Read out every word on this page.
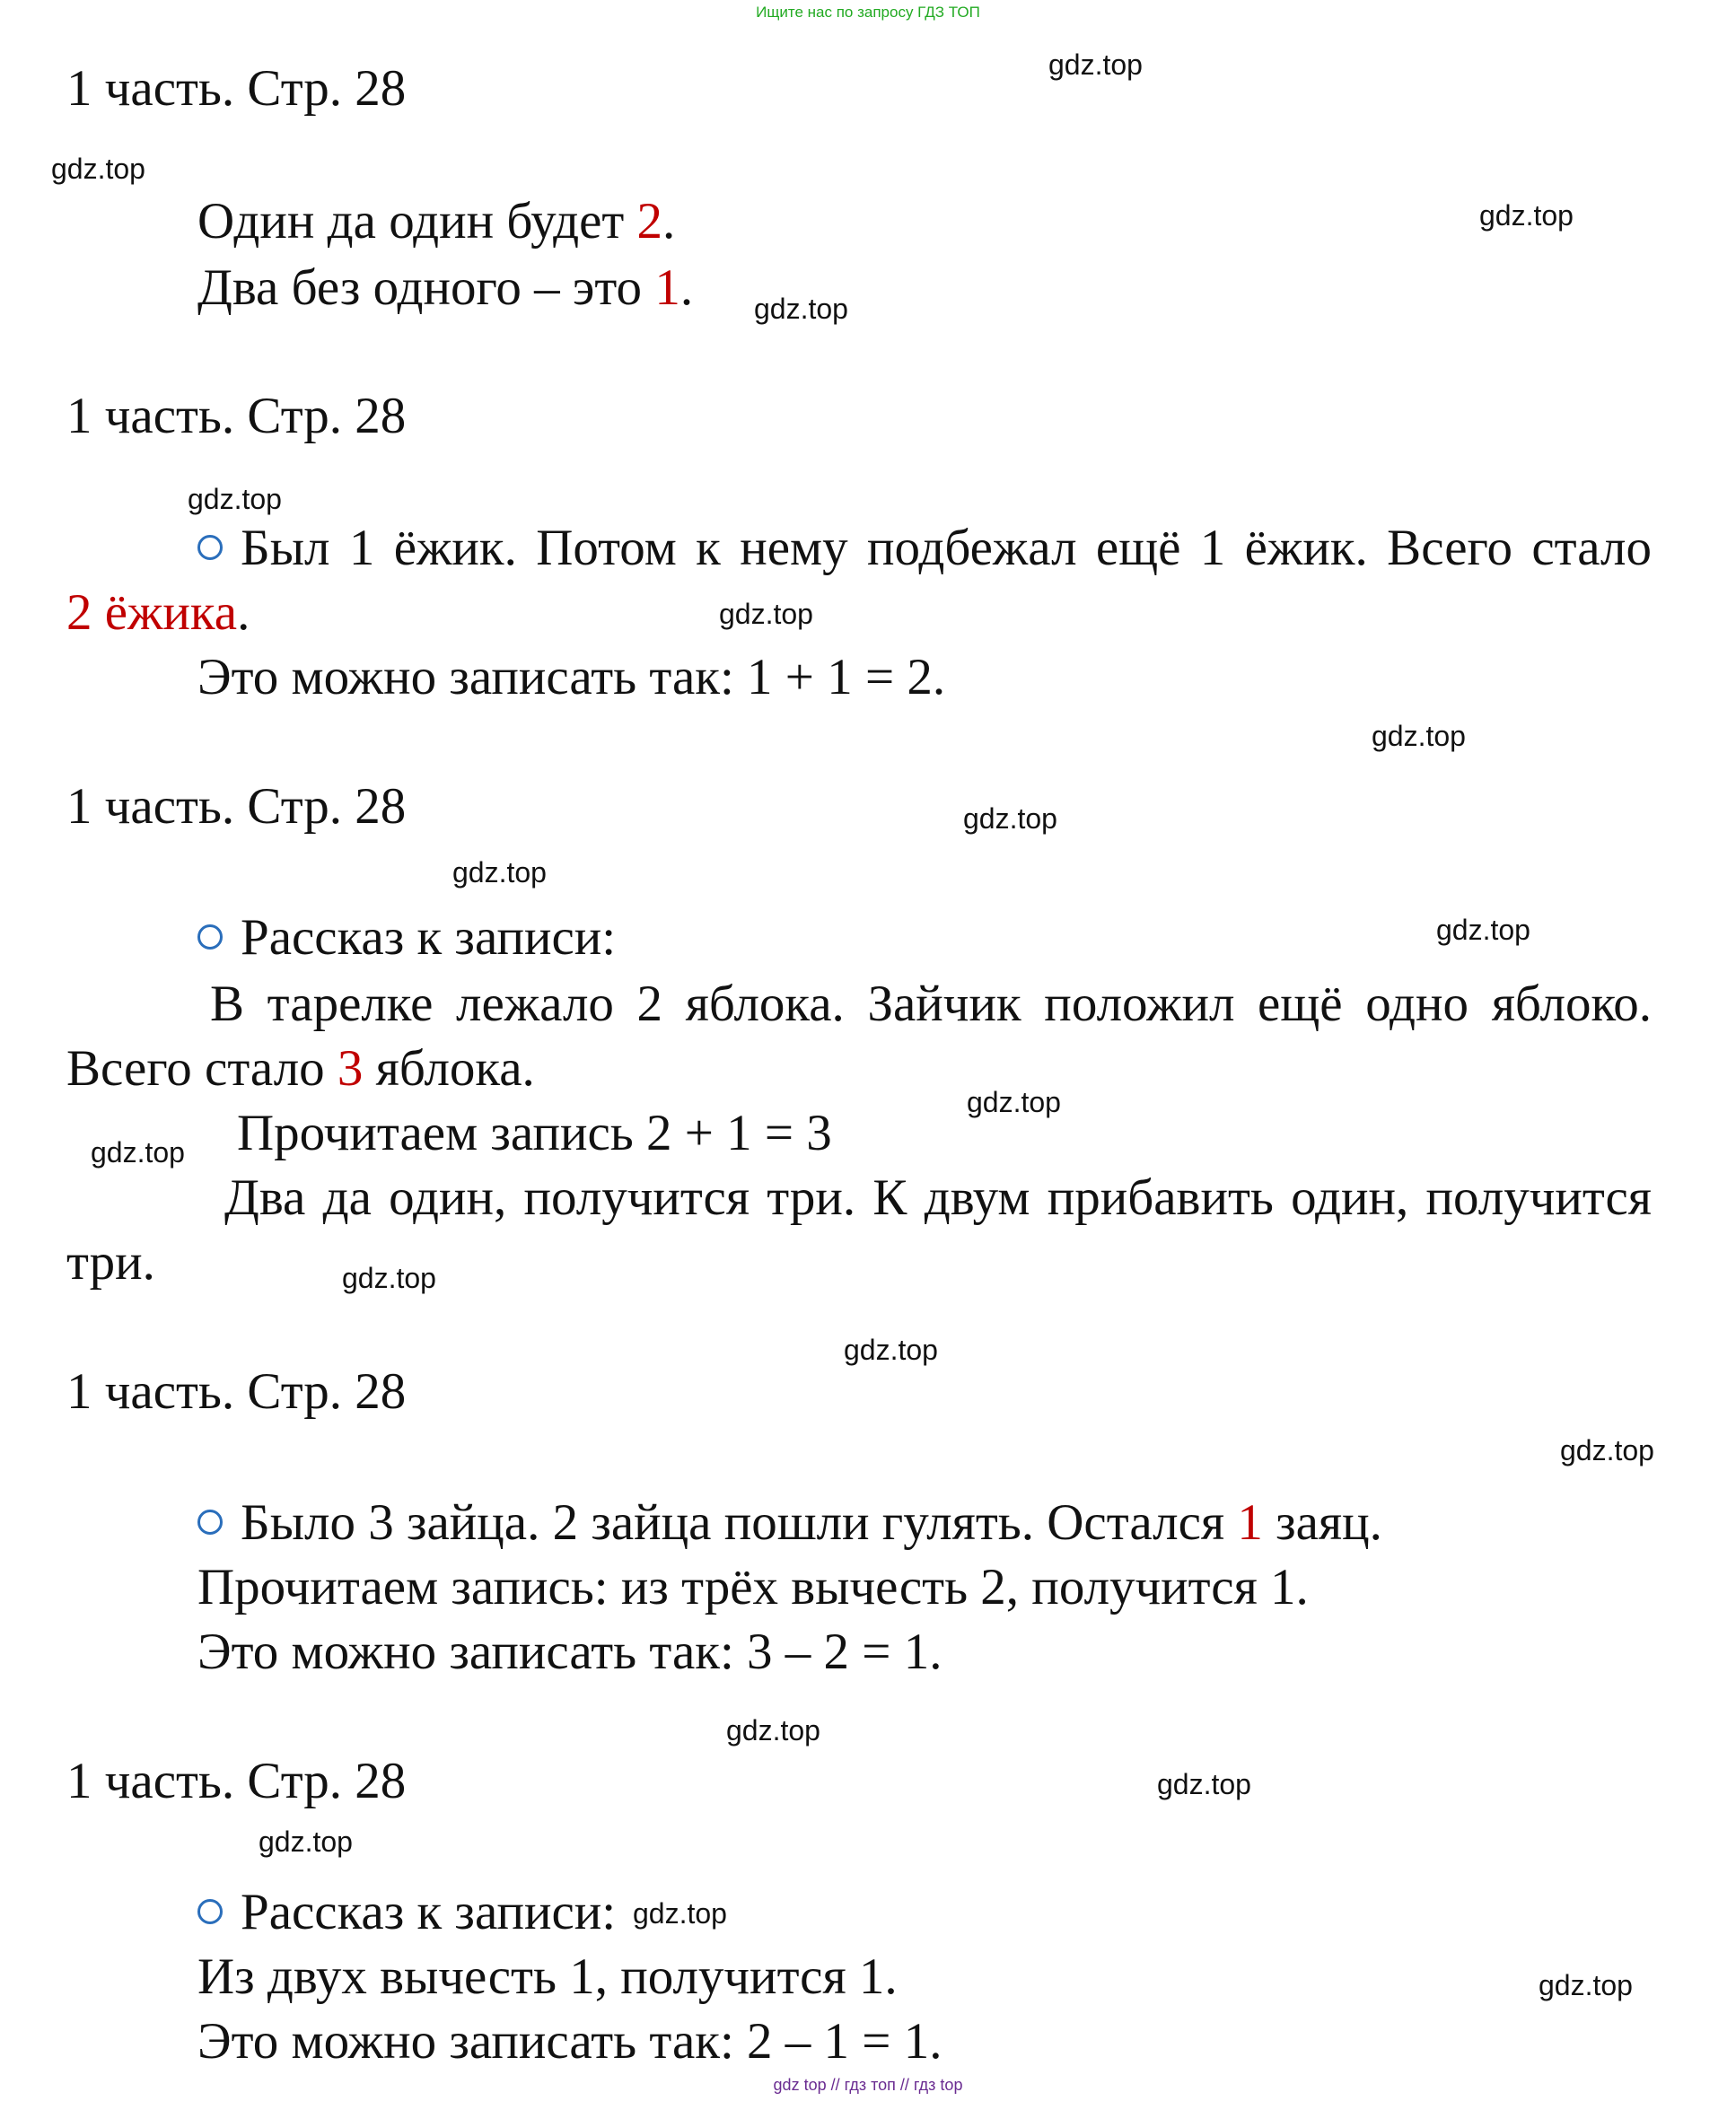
Ищите нас по запросу ГДЗ ТОП
1 часть. Стр. 28
Один да один будет 2.
Два без одного – это 1.
1 часть. Стр. 28
Был 1 ёжик. Потом к нему подбежал ещё 1 ёжик. Всего стало
2 ёжика.
Это можно записать так: 1 + 1 = 2.
1 часть. Стр. 28
Рассказ к записи:
В тарелке лежало 2 яблока. Зайчик положил ещё одно яблоко.
Всего стало 3 яблока.
Прочитаем запись 2 + 1 = 3
Два да один, получится три. К двум прибавить один, получится
три.
1 часть. Стр. 28
Было 3 зайца. 2 зайца пошли гулять. Остался 1 заяц.
Прочитаем запись: из трёх вычесть 2, получится 1.
Это можно записать так: 3 – 2 = 1.
1 часть. Стр. 28
Рассказ к записи:
Из двух вычесть 1, получится 1.
Это можно записать так: 2 – 1 = 1.
gdz.top
gdz.top
gdz.top
gdz.top
gdz.top
gdz.top
gdz.top
gdz.top
gdz.top
gdz.top
gdz.top
gdz.top
gdz.top
gdz.top
gdz.top
gdz.top
gdz.top
gdz.top
gdz.top
gdz.top
gdz top // гдз топ // гдз top
